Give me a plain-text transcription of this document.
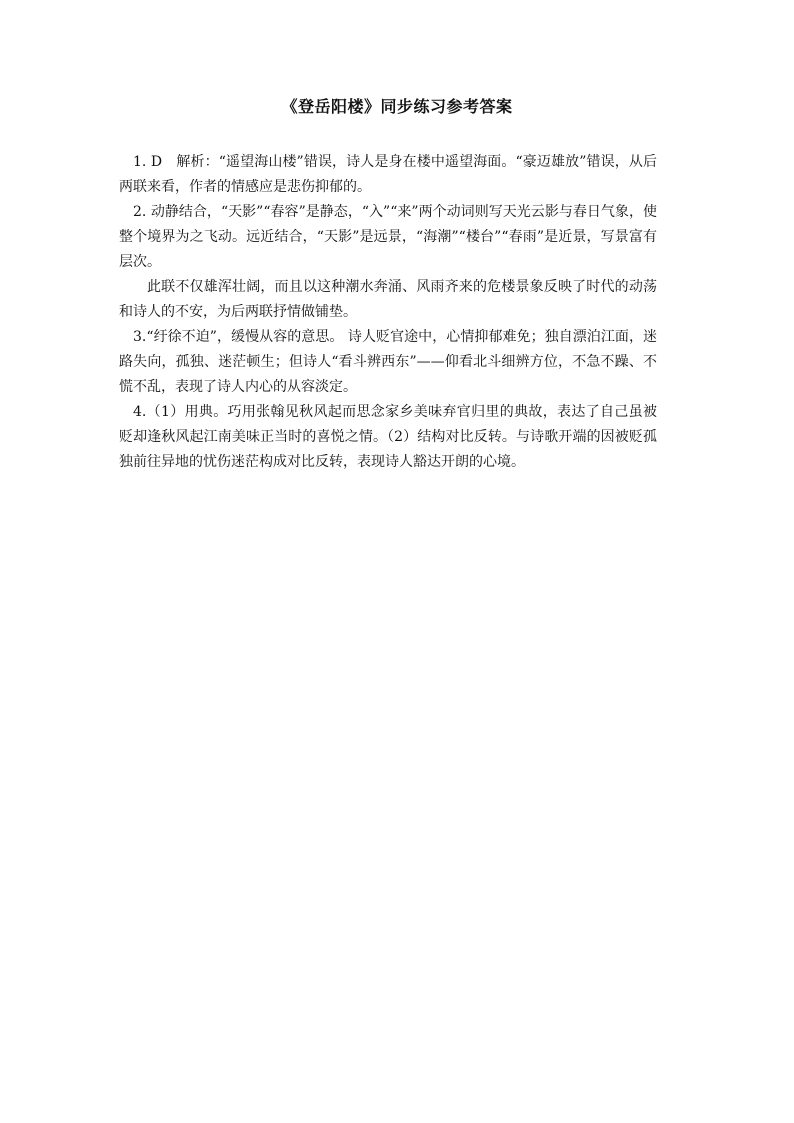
《登岳阳楼》同步练习参考答案

1. D　解析：“遥望海山楼”错误，诗人是身在楼中遥望海面。“豪迈雄放”错误，从后两联来看，作者的情感应是悲伤抑郁的。

2. 动静结合，“天影”“春容”是静态，“入”“来”两个动词则写天光云影与春日气象，使整个境界为之飞动。远近结合，“天影”是远景，“海潮”“楼台”“春雨”是近景，写景富有层次。

此联不仅雄浑壮阔，而且以这种潮水奔涌、风雨齐来的危楼景象反映了时代的动荡和诗人的不安，为后两联抒情做铺垫。

3.“纡徐不迫”，缓慢从容的意思。 诗人贬官途中，心情抑郁难免；独自漂泊江面，迷路失向，孤独、迷茫顿生；但诗人“看斗辨西东”——仰看北斗细辨方位，不急不躁、不慌不乱，表现了诗人内心的从容淡定。

4.（1）用典。巧用张翰见秋风起而思念家乡美味弃官归里的典故，表达了自己虽被贬却逢秋风起江南美味正当时的喜悦之情。（2）结构对比反转。与诗歌开端的因被贬孤独前往异地的忧伤迷茫构成对比反转，表现诗人豁达开朗的心境。
